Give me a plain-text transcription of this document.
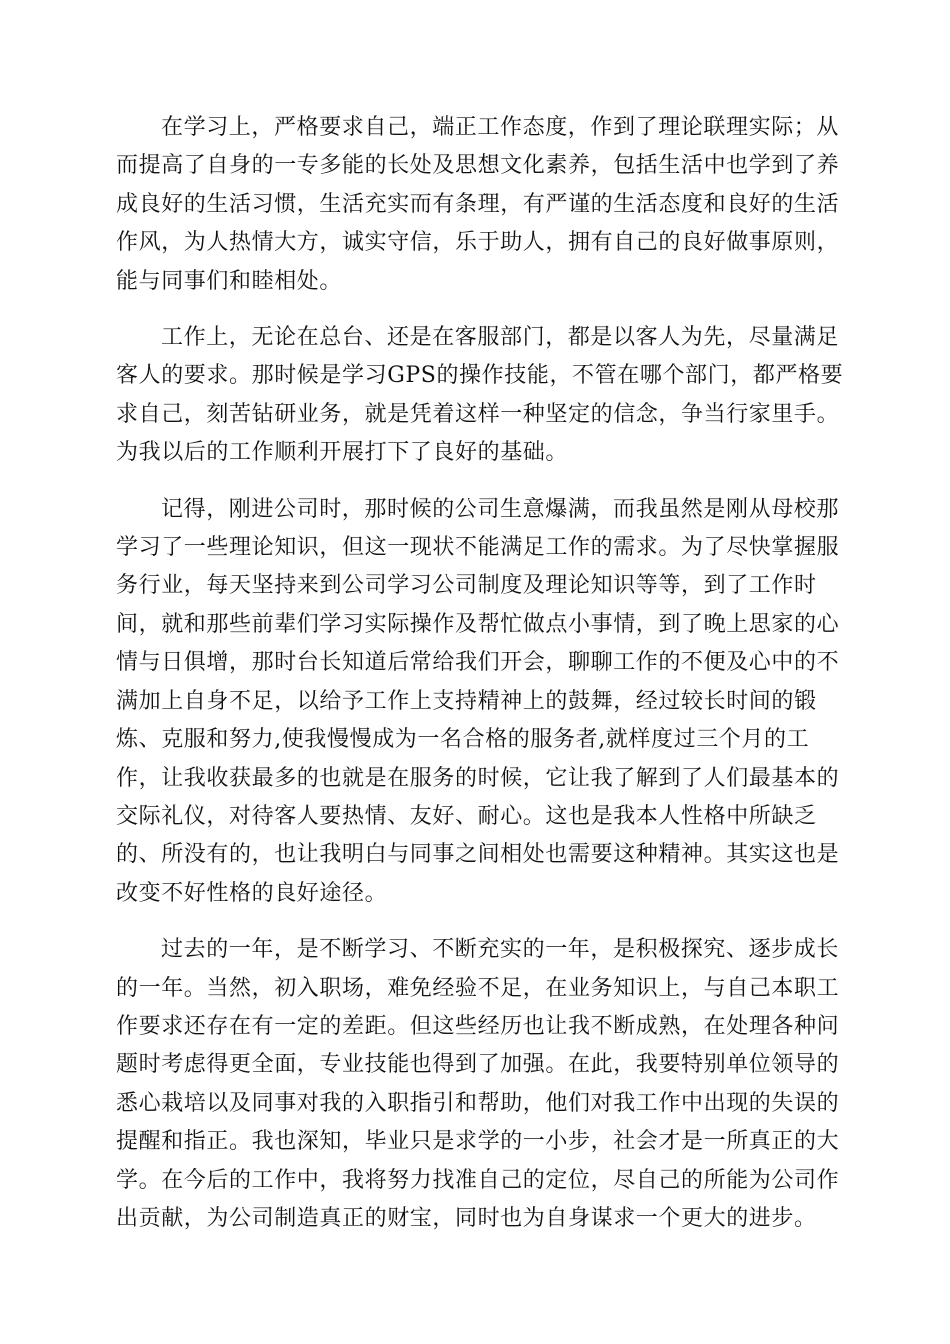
在学习上，严格要求自己，端正工作态度，作到了理论联理实际；从
而提高了自身的一专多能的长处及思想文化素养，包括生活中也学到了养
成良好的生活习惯，生活充实而有条理，有严谨的生活态度和良好的生活
作风，为人热情大方，诚实守信，乐于助人，拥有自己的良好做事原则，
能与同事们和睦相处。

工作上，无论在总台、还是在客服部门，都是以客人为先，尽量满足
客人的要求。那时候是学习GPS的操作技能，不管在哪个部门，都严格要
求自己，刻苦钻研业务，就是凭着这样一种坚定的信念，争当行家里手。
为我以后的工作顺利开展打下了良好的基础。

记得，刚进公司时，那时候的公司生意爆满，而我虽然是刚从母校那
学习了一些理论知识，但这一现状不能满足工作的需求。为了尽快掌握服
务行业，每天坚持来到公司学习公司制度及理论知识等等，到了工作时
间，就和那些前辈们学习实际操作及帮忙做点小事情，到了晚上思家的心
情与日俱增，那时台长知道后常给我们开会，聊聊工作的不便及心中的不
满加上自身不足，以给予工作上支持精神上的鼓舞，经过较长时间的锻
炼、克服和努力,使我慢慢成为一名合格的服务者,就样度过三个月的工
作，让我收获最多的也就是在服务的时候，它让我了解到了人们最基本的
交际礼仪，对待客人要热情、友好、耐心。这也是我本人性格中所缺乏
的、所没有的，也让我明白与同事之间相处也需要这种精神。其实这也是
改变不好性格的良好途径。

过去的一年，是不断学习、不断充实的一年，是积极探究、逐步成长
的一年。当然，初入职场，难免经验不足，在业务知识上，与自己本职工
作要求还存在有一定的差距。但这些经历也让我不断成熟，在处理各种问
题时考虑得更全面，专业技能也得到了加强。在此，我要特别单位领导的
悉心栽培以及同事对我的入职指引和帮助，他们对我工作中出现的失误的
提醒和指正。我也深知，毕业只是求学的一小步，社会才是一所真正的大
学。在今后的工作中，我将努力找准自己的定位，尽自己的所能为公司作
出贡献，为公司制造真正的财宝，同时也为自身谋求一个更大的进步。
